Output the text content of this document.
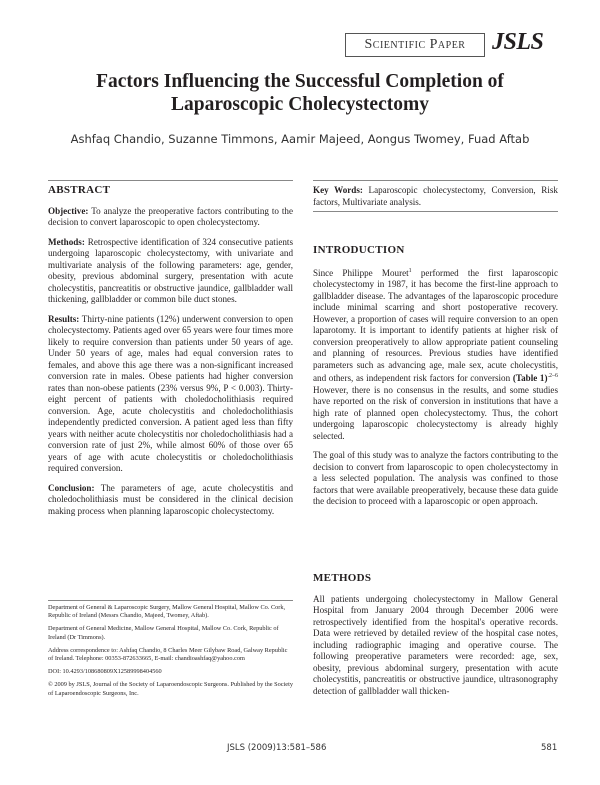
Scientific Paper	JSLS
Factors Influencing the Successful Completion of Laparoscopic Cholecystectomy
Ashfaq Chandio, Suzanne Timmons, Aamir Majeed, Aongus Twomey, Fuad Aftab
ABSTRACT

Objective: To analyze the preoperative factors contributing to the decision to convert laparoscopic to open cholecystectomy.

Methods: Retrospective identification of 324 consecutive patients undergoing laparoscopic cholecystectomy, with univariate and multivariate analysis of the following parameters: age, gender, obesity, previous abdominal surgery, presentation with acute cholecystitis, pancreatitis or obstructive jaundice, gallbladder wall thickening, gallbladder or common bile duct stones.

Results: Thirty-nine patients (12%) underwent conversion to open cholecystectomy. Patients aged over 65 years were four times more likely to require conversion than patients under 50 years of age. Under 50 years of age, males had equal conversion rates to females, and above this age there was a non-significant increased conversion rate in males. Obese patients had higher conversion rates than non-obese patients (23% versus 9%, P < 0.003). Thirty-eight percent of patients with choledocholithiasis required conversion. Age, acute cholecystitis and choledocholithiasis independently predicted conversion. A patient aged less than fifty years with neither acute cholecystitis nor choledocholithiasis had a conversion rate of just 2%, while almost 60% of those over 65 years of age with acute cholecystitis or choledocholithiasis required conversion.

Conclusion: The parameters of age, acute cholecystitis and choledocholithiasis must be considered in the clinical decision making process when planning laparoscopic cholecystectomy.

Department of General & Laparoscopic Surgery, Mallow General Hospital, Mallow Co. Cork, Republic of Ireland (Messrs Chandio, Majeed, Twomey, Aftab).

Department of General Medicine, Mallow General Hospital, Mallow Co. Cork, Republic of Ireland (Dr Timmons).

Address correspondence to: Ashfaq Chandio, 8 Charles Meer Gilybaw Road, Galway Republic of Ireland. Telephone: 00353-872633665, E-mail: chandioashfaq@yahoo.com

DOI: 10.4293/108680809X12589998404560

© 2009 by JSLS, Journal of the Society of Laparoendoscopic Surgeons. Published by the Society of Laparoendoscopic Surgeons, Inc.

Key Words: Laparoscopic cholecystectomy, Conversion, Risk factors, Multivariate analysis.
INTRODUCTION

Since Philippe Mouret$^1$ performed the first laparoscopic cholecystectomy in 1987, it has become the first-line approach to gallbladder disease. The advantages of the laparoscopic procedure include minimal scarring and short postoperative recovery. However, a proportion of cases will require conversion to an open laparotomy. It is important to identify patients at higher risk of conversion preoperatively to allow appropriate patient counseling and planning of resources. Previous studies have identified parameters such as advancing age, male sex, acute cholecystitis, and others, as independent risk factors for conversion (Table 1)$^{.2-6}$ However, there is no consensus in the results, and some studies have reported on the risk of conversion in institutions that have a high rate of planned open cholecystectomy. Thus, the cohort undergoing laparoscopic cholecystectomy is already highly selected.

The goal of this study was to analyze the factors contributing to the decision to convert from laparoscopic to open cholecystectomy in a less selected population. The analysis was confined to those factors that were available preoperatively, because these data guide the decision to proceed with a laparoscopic or open approach.

METHODS

All patients undergoing cholecystectomy in Mallow General Hospital from January 2004 through December 2006 were retrospectively identified from the hospital's operative records. Data were retrieved by detailed review of the hospital case notes, including radiographic imaging and operative course. The following preoperative parameters were recorded: age, sex, obesity, previous abdominal surgery, presentation with acute cholecystitis, pancreatitis or obstructive jaundice, ultrasonography detection of gallbladder wall thicken-

JSLS (2009)13:581–586	581
